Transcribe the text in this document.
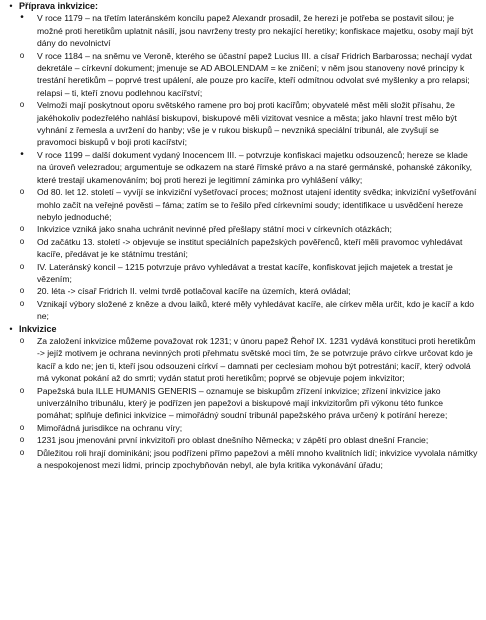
• Příprava inkvizice:
•	V roce 1179 – na třetím lateránském koncilu papež Alexandr prosadil, že herezi je potřeba se postavit silou; je možné proti heretikům uplatnit násilí, jsou navrženy tresty pro nekající heretiky; konfiskace majetku, osoby mají být dány do nevolnictví
o	V roce 1184 – na sněmu ve Veroně, kterého se účastní papež Lucius III. a císař Fridrich Barbarossa; nechají vydat dekretále – církevní dokument; jmenuje se AD ABOLENDAM = ke zničení; v něm jsou stanoveny nové principy k trestání heretikům – poprvé trest upálení, ale pouze pro kacíře, kteří odmítnou odvolat své myšlenky a pro relapsi; relapsi – ti, kteří znovu podlehnou kacířství;
o	Velmoži mají poskytnout oporu světského ramene pro boj proti kacířům; obyvatelé měst měli složit přísahu, že jakéhokoliv podezřelého nahlásí biskupovi, biskupové měli vizitovat vesnice a města; jako hlavní trest mělo být vyhnání z řemesla a uvržení do hanby; vše je v rukou biskupů – nevzniká speciální tribunál, ale zvyšují se pravomoci biskupů v boji proti kacířství;
•	V roce 1199 – další dokument vydaný Inocencem III. – potvrzuje konfiskaci majetku odsouzenců; hereze se klade na úroveň velezradou; argumentuje se odkazem na staré římské právo a na staré germánské, pohanské zákoníky, které trestají ukamenováním; boj proti herezi je legitimní záminka pro vyhlášení války;
o	Od 80. let 12. století – vyvíjí se inkviziční vyšetřovací proces; možnost utajení identity svědka; inkviziční vyšetřování mohlo začít na veřejné pověsti – fáma; zatím se to řešilo před církevními soudy; identifikace u usvědčení hereze nebylo jednoduché;
o	Inkvizice vzniká jako snaha uchránit nevinné před přešlapy státní moci v církevních otázkách;
o	Od začátku 13. století -> objevuje se institut speciálních papežských pověřenců, kteří měli pravomoc vyhledávat kacíře, předávat je ke státnímu trestání;
o	IV. Lateránský koncil – 1215 potvrzuje právo vyhledávat a trestat kacíře, konfiskovat jejich majetek a trestat je vězením;
o	20. léta -> císař Fridrich II. velmi tvrdě potlačoval kacíře na územích, která ovládal;
o	Vznikají výbory složené z kněze a dvou laiků, které měly vyhledávat kacíře, ale církev měla určit, kdo je kacíř a kdo ne;
• Inkvizice
o	Za založení inkvizice můžeme považovat rok 1231; v únoru papež Řehoř IX. 1231 vydává konstituci proti heretikům -> jejíž motivem je ochrana nevinných proti přehmatu světské moci tím, že se potvrzuje právo církve určovat kdo je kacíř a kdo ne; jen ti, kteří jsou odsouzeni církví – damnati per ceclesiam mohou být potrestáni; kacíř, který odvolá má vykonat pokání až do smrti; vydán statut proti heretikům; poprvé se objevuje pojem inkvizitor;
o	Papežská bula ILLE HUMANIS GENERIS – oznamuje se biskupům zřízení inkvizice; zřízení inkvizice jako univerzálního tribunálu, který je podřízen jen papežovi a biskupové mají inkvizitorům při výkonu této funkce pomáhat; splňuje definici inkvizice – mimořádný soudní tribunál papežského práva určený k potírání hereze;
o	Mimořádná jurisdikce na ochranu víry;
o	1231 jsou jmenováni první inkvizitoři pro oblast dnešního Německa; v zápětí pro oblast dnešní Francie;
o	Důležitou roli hrají dominikáni; jsou podřízeni přímo papežovi a mělí mnoho kvalitních lidí; inkvizice vyvolala námitky a nespokojenost mezi lidmi, princip zpochybňován nebyl, ale byla kritika vykonávání úřadu;
